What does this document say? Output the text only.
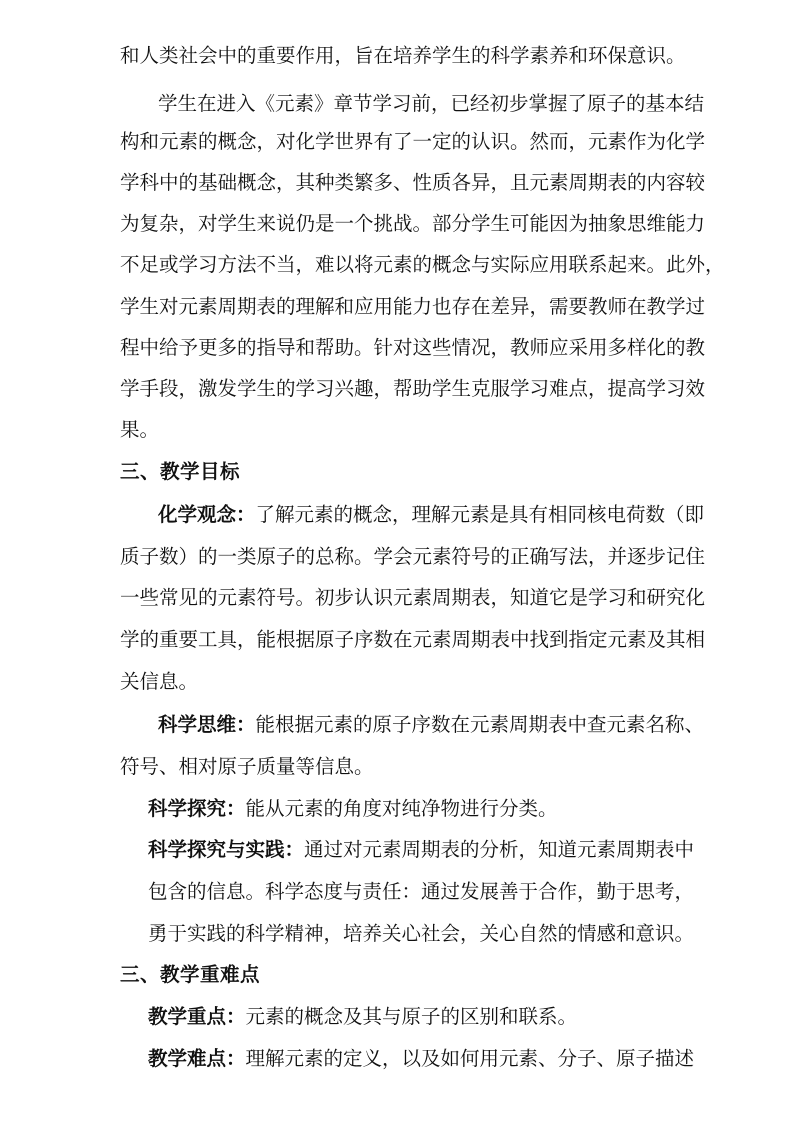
和人类社会中的重要作用，旨在培养学生的科学素养和环保意识。
学生在进入《元素》章节学习前，已经初步掌握了原子的基本结
构和元素的概念，对化学世界有了一定的认识。然而，元素作为化学
学科中的基础概念，其种类繁多、性质各异，且元素周期表的内容较
为复杂，对学生来说仍是一个挑战。部分学生可能因为抽象思维能力
不足或学习方法不当，难以将元素的概念与实际应用联系起来。此外，
学生对元素周期表的理解和应用能力也存在差异，需要教师在教学过
程中给予更多的指导和帮助。针对这些情况，教师应采用多样化的教
学手段，激发学生的学习兴趣，帮助学生克服学习难点，提高学习效
果。
三、教学目标
化学观念：了解元素的概念，理解元素是具有相同核电荷数（即
质子数）的一类原子的总称。学会元素符号的正确写法，并逐步记住
一些常见的元素符号。初步认识元素周期表，知道它是学习和研究化
学的重要工具，能根据原子序数在元素周期表中找到指定元素及其相
关信息。
科学思维：能根据元素的原子序数在元素周期表中查元素名称、
符号、相对原子质量等信息。
科学探究：能从元素的角度对纯净物进行分类。
科学探究与实践：通过对元素周期表的分析，知道元素周期表中
包含的信息。科学态度与责任：通过发展善于合作，勤于思考，
勇于实践的科学精神，培养关心社会，关心自然的情感和意识。
三、教学重难点
教学重点：元素的概念及其与原子的区别和联系。
教学难点：理解元素的定义，以及如何用元素、分子、原子描述
